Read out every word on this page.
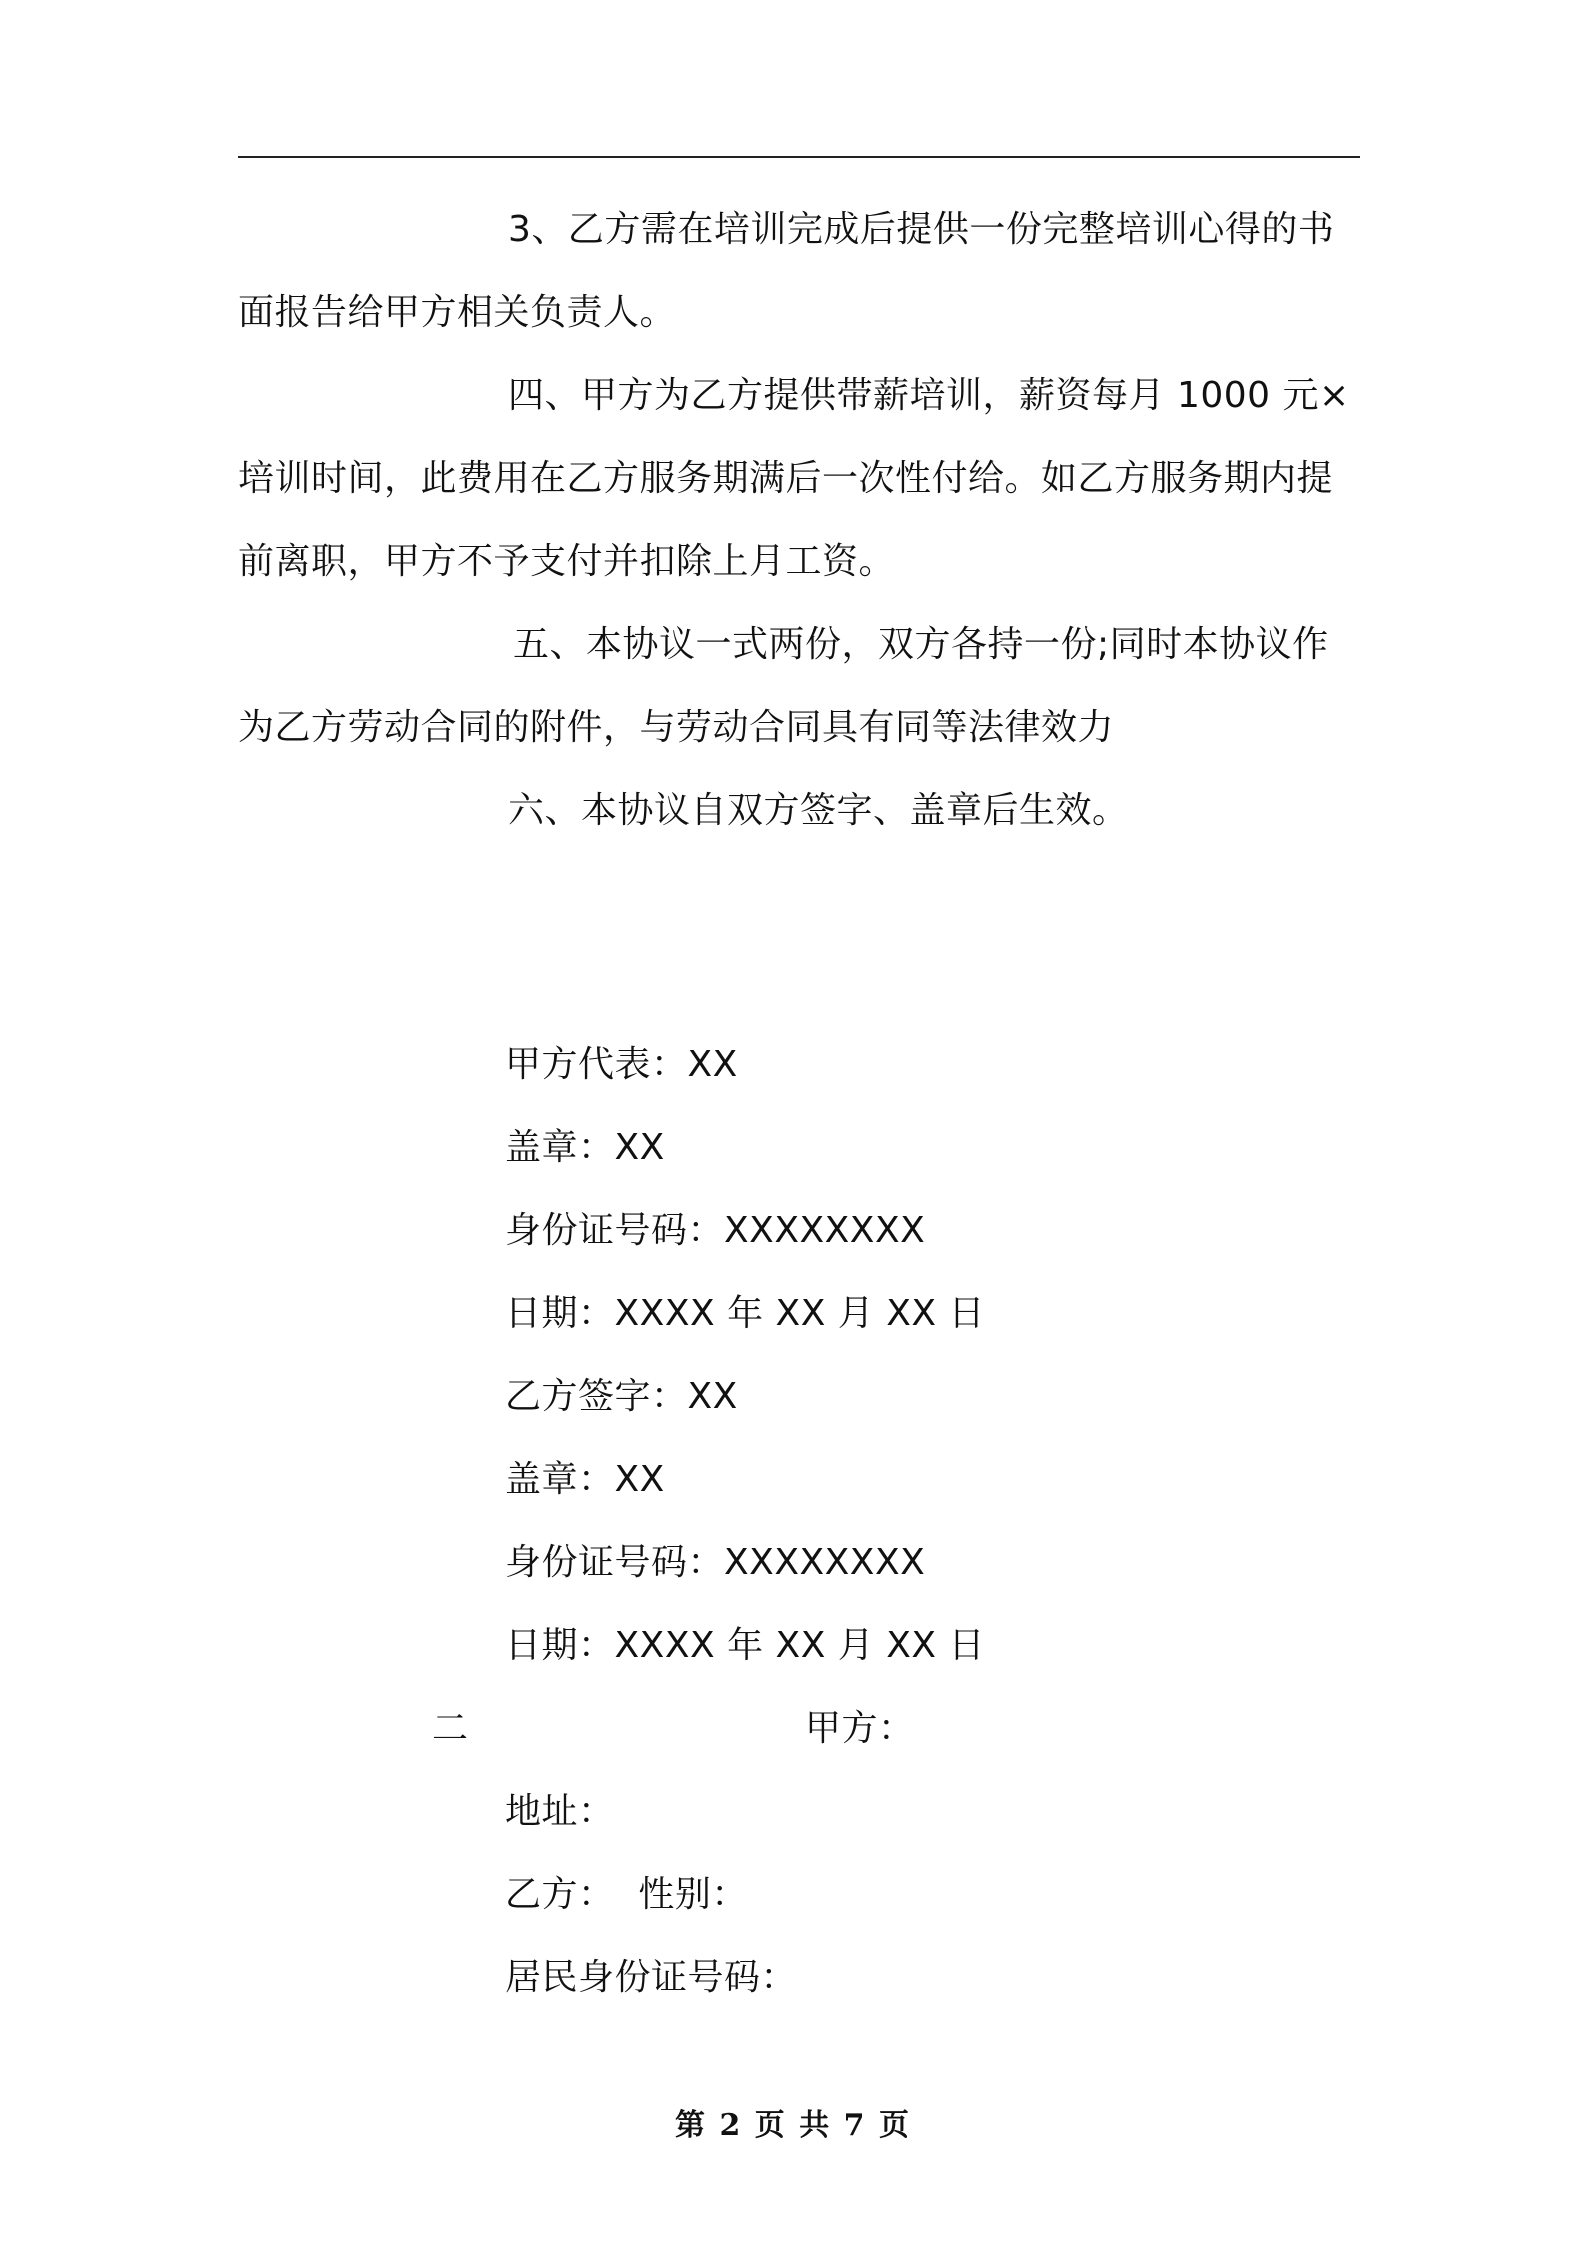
3、乙方需在培训完成后提供一份完整培训心得的书
面报告给甲方相关负责人。
四、甲方为乙方提供带薪培训，薪资每月 1000 元×
培训时间，此费用在乙方服务期满后一次性付给。如乙方服务期内提
前离职，甲方不予支付并扣除上月工资。
五、本协议一式两份，双方各持一份;同时本协议作
为乙方劳动合同的附件，与劳动合同具有同等法律效力
六、本协议自双方签字、盖章后生效。
甲方代表：XX
盖章：XX
身份证号码：XXXXXXXX
日期：XXXX 年 XX 月 XX 日
乙方签字：XX
盖章：XX
身份证号码：XXXXXXXX
日期：XXXX 年 XX 月 XX 日
二	甲方：
地址：
乙方：  性别：
居民身份证号码：
第 2 页 共 7 页
